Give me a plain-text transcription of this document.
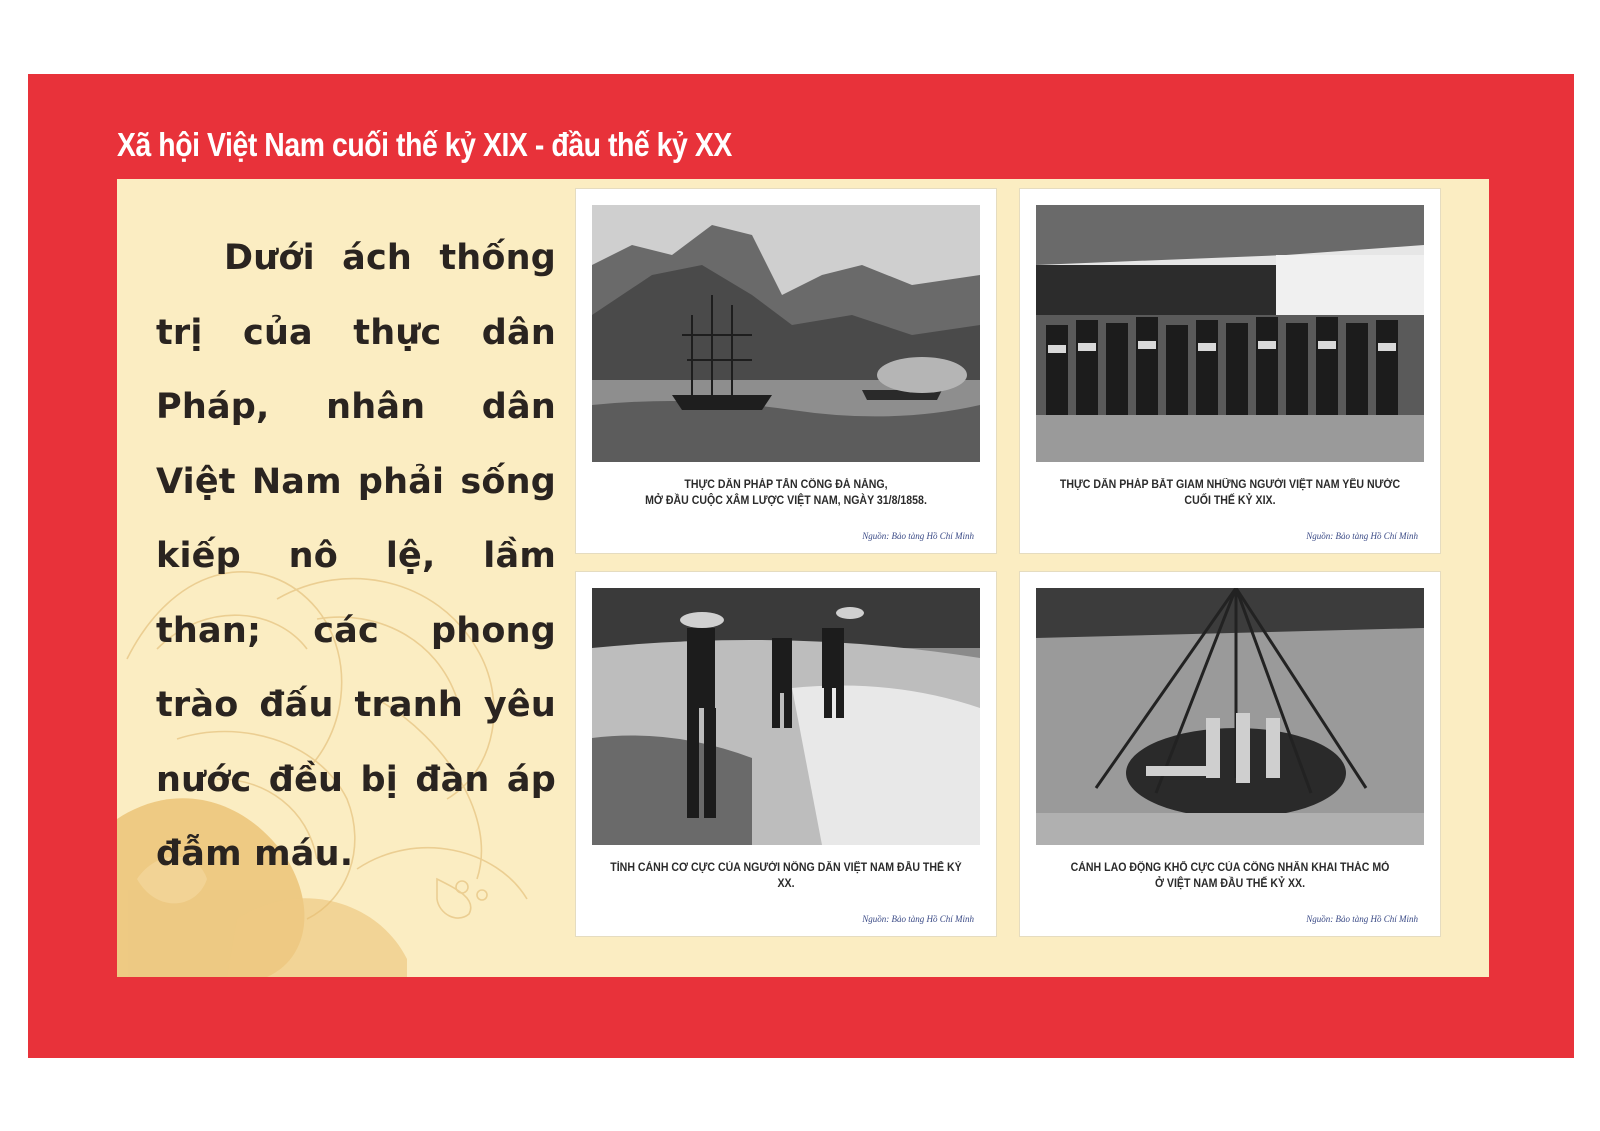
Xã hội Việt Nam cuối thế kỷ XIX - đầu thế kỷ XX
Dưới ách thống trị của thực dân Pháp, nhân dân Việt Nam phải sống kiếp nô lệ, lầm than; các phong trào đấu tranh yêu nước đều bị đàn áp đẫm máu.
THỰC DÂN PHÁP TẤN CÔNG ĐÀ NẴNG,
MỞ ĐẦU CUỘC XÂM LƯỢC VIỆT NAM, NGÀY 31/8/1858.
Nguồn: Bảo tàng Hồ Chí Minh
THỰC DÂN PHÁP BẮT GIAM NHỮNG NGƯỜI VIỆT NAM YÊU NƯỚC
CUỐI THẾ KỶ XIX.
Nguồn: Bảo tàng Hồ Chí Minh
TÌNH CẢNH CƠ CỰC CỦA NGƯỜI NÔNG DÂN VIỆT NAM ĐẦU THẾ KỶ XX.
Nguồn: Bảo tàng Hồ Chí Minh
CẢNH LAO ĐỘNG KHỔ CỰC CỦA CÔNG NHÂN KHAI THÁC MỎ
Ở VIỆT NAM ĐẦU THẾ KỶ XX.
Nguồn: Bảo tàng Hồ Chí Minh
